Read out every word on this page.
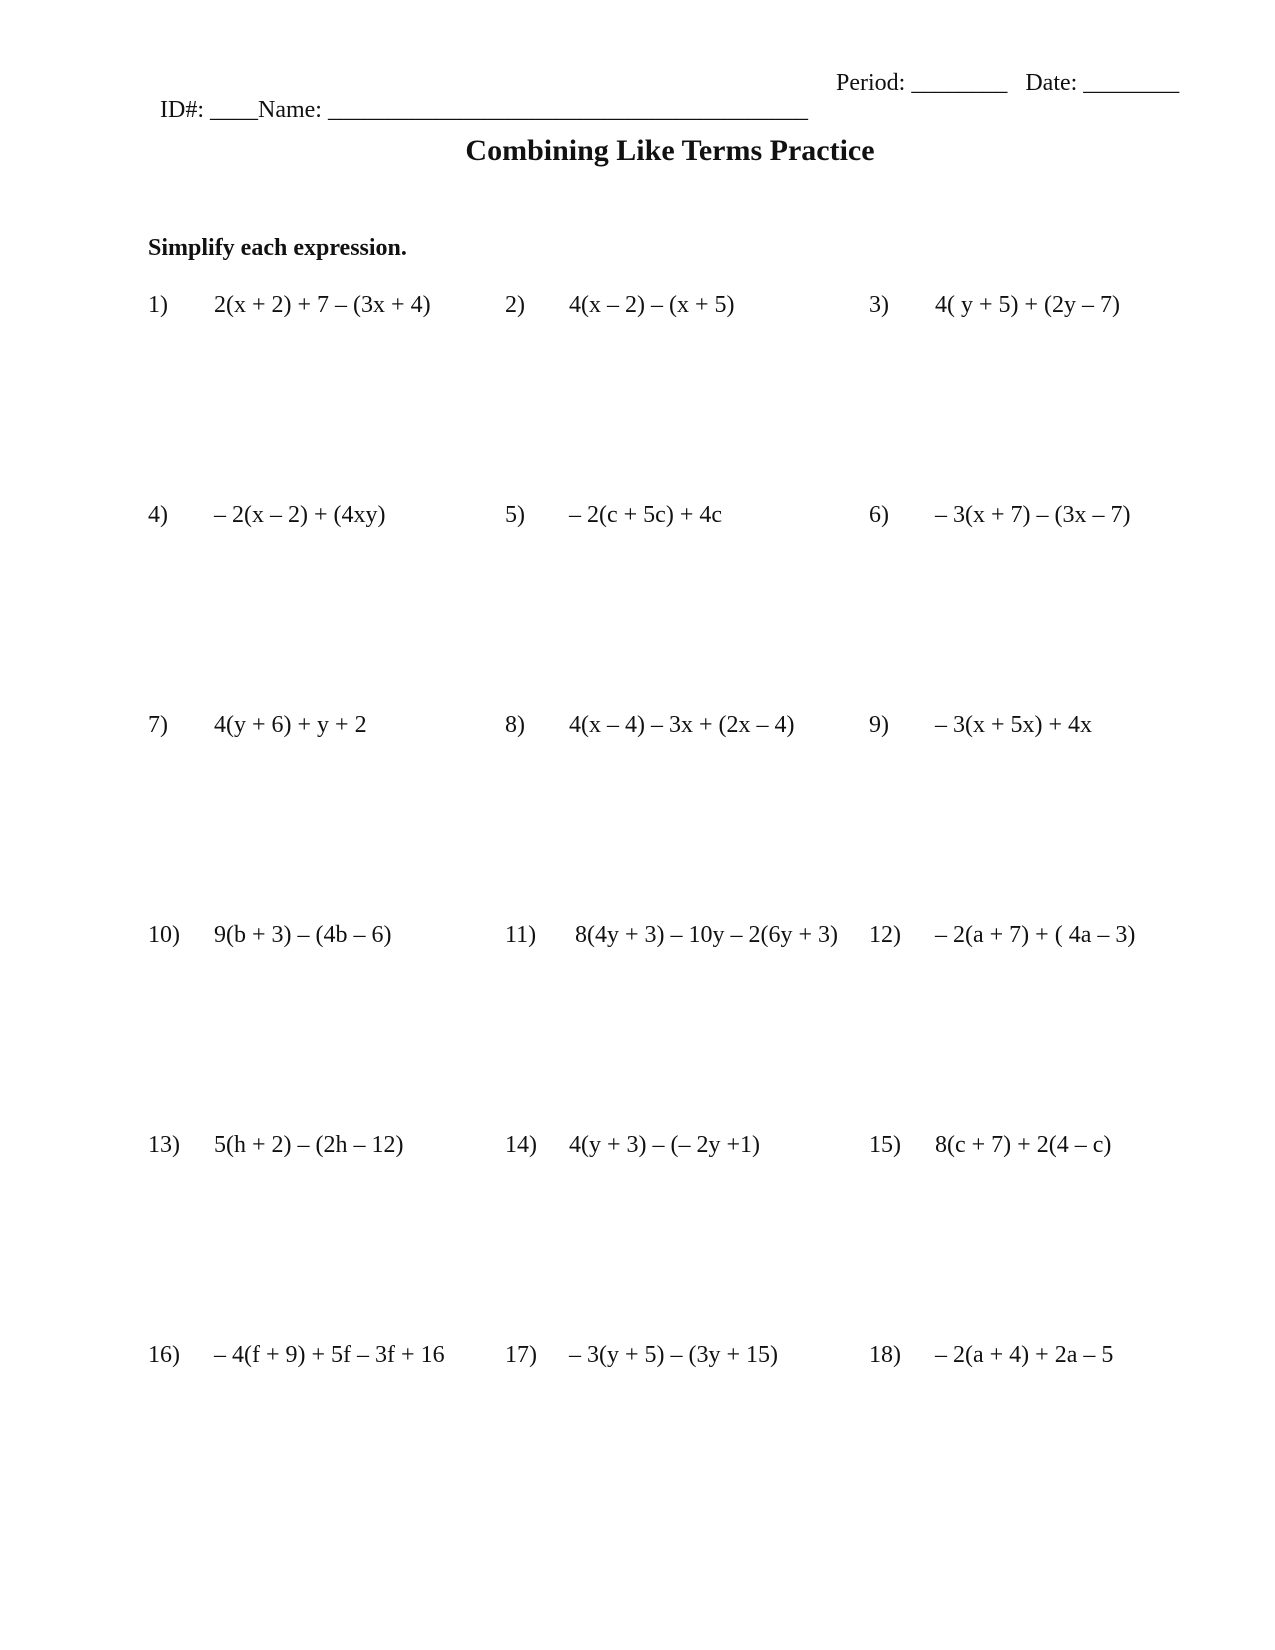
ID#: ____Name: ________________________________________

Period: ________ Date: ________

Combining Like Terms Practice
Simplify each expression.

1)

2(x + 2) + 7 – (3x + 4)

	2)

4(x – 2) – (x + 5)

	3)

4( y + 5) + (2y – 7)

4)

– 2(x – 2) + (4xy)

	5)

– 2(c + 5c) + 4c

	6)

– 3(x + 7) – (3x – 7)

7)

4(y + 6) + y + 2

	8)

4(x – 4) – 3x + (2x – 4)

	9)

– 3(x + 5x) + 4x

10)

9(b + 3) – (4b – 6)

	11)

8(4y + 3) – 10y – 2(6y + 3)

12)

– 2(a + 7) + ( 4a – 3)

13)

5(h + 2) – (2h – 12)

	14)

4(y + 3) – (– 2y +1)

	15)

8(c + 7) + 2(4 – c)

16)

– 4(f + 9) + 5f – 3f + 16

	17)

– 3(y + 5) – (3y + 15)

	18)

– 2(a + 4) + 2a – 5
